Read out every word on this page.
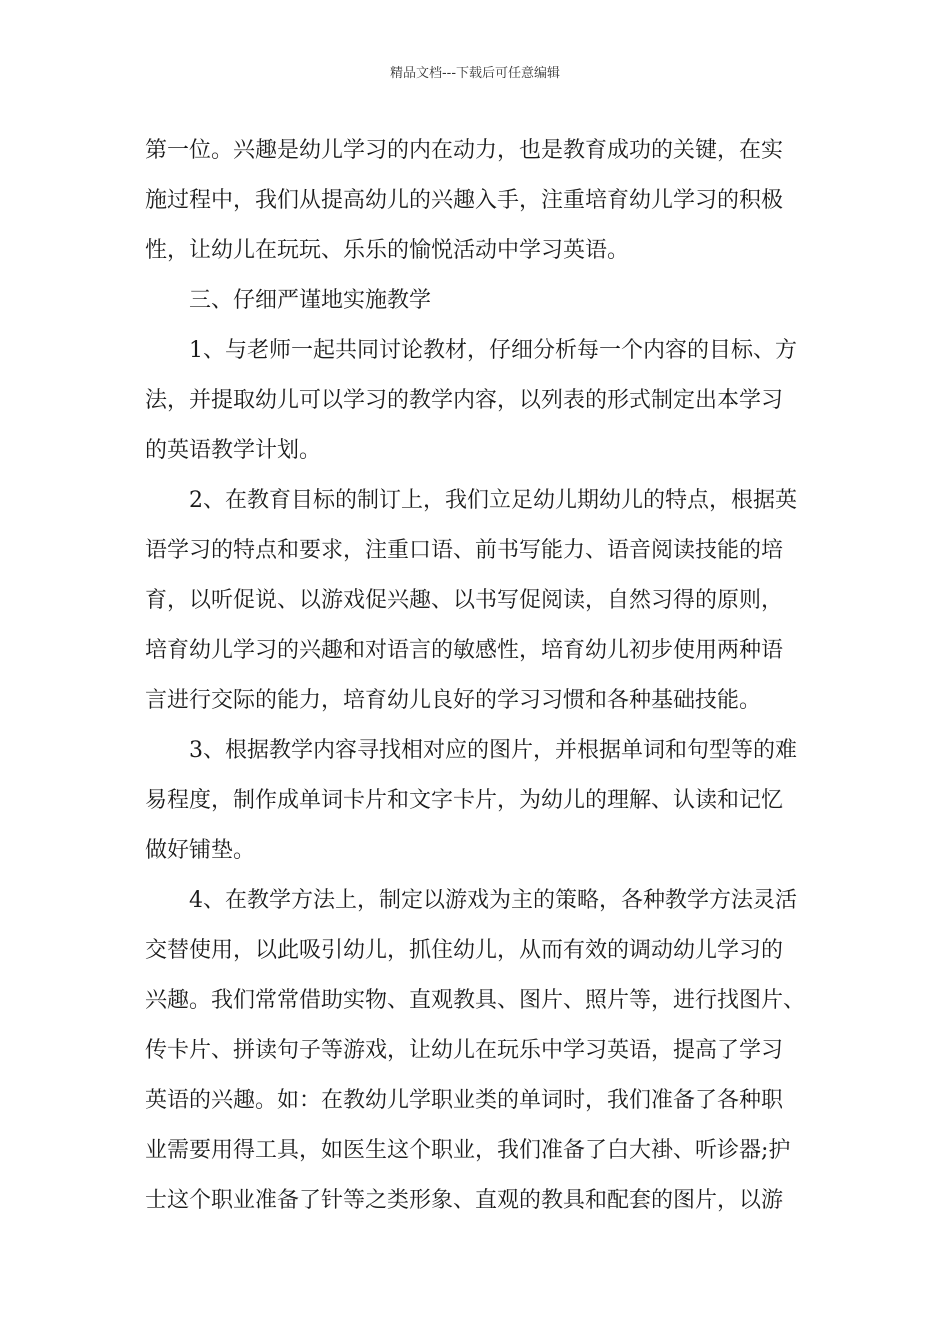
精品文档---下载后可任意编辑
第一位。兴趣是幼儿学习的内在动力，也是教育成功的关键，在实
施过程中，我们从提高幼儿的兴趣入手，注重培育幼儿学习的积极
性，让幼儿在玩玩、乐乐的愉悦活动中学习英语。
三、仔细严谨地实施教学
1、与老师一起共同讨论教材，仔细分析每一个内容的目标、方
法，并提取幼儿可以学习的教学内容，以列表的形式制定出本学习
的英语教学计划。
2、在教育目标的制订上，我们立足幼儿期幼儿的特点，根据英
语学习的特点和要求，注重口语、前书写能力、语音阅读技能的培
育，以听促说、以游戏促兴趣、以书写促阅读，自然习得的原则，
培育幼儿学习的兴趣和对语言的敏感性，培育幼儿初步使用两种语
言进行交际的能力，培育幼儿良好的学习习惯和各种基础技能。
3、根据教学内容寻找相对应的图片，并根据单词和句型等的难
易程度，制作成单词卡片和文字卡片，为幼儿的理解、认读和记忆
做好铺垫。
4、在教学方法上，制定以游戏为主的策略，各种教学方法灵活
交替使用，以此吸引幼儿，抓住幼儿，从而有效的调动幼儿学习的
兴趣。我们常常借助实物、直观教具、图片、照片等，进行找图片、
传卡片、拼读句子等游戏，让幼儿在玩乐中学习英语，提高了学习
英语的兴趣。如：在教幼儿学职业类的单词时，我们准备了各种职
业需要用得工具，如医生这个职业，我们准备了白大褂、听诊器;护
士这个职业准备了针等之类形象、直观的教具和配套的图片，以游
